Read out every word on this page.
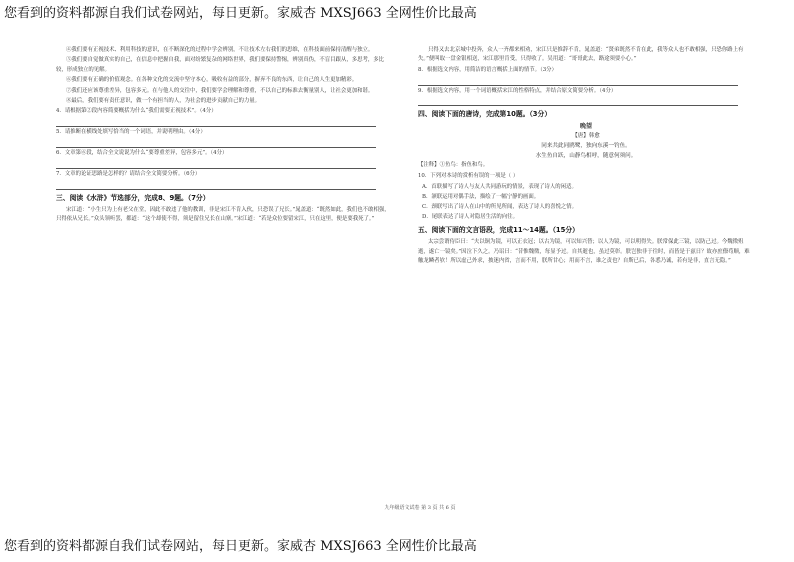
您看到的资料都源自我们试卷网站，每日更新。家威杏 MXSJ663 全网性价比最高

④我们要有正视技术、利用科技的意识，在不断深化的过程中学会辨别，不让技术左右我们的思维，在科技面前保持清醒与独立。

⑤我们要自觉做真实的自己，在信息中把握自我，面对纷繁复杂的网络世界，我们要保持警惕，辨别真伪，不盲目跟从，多思考，多比较，形成独立的见解。

⑥我们要有正确的价值观念。在各种文化的交流中坚守本心，吸收有益的部分，摒弃不良的东西，让自己的人生更加精彩。

⑦我们还应该尊重差异，包容多元。在与他人的交往中，我们要学会理解和尊重，不以自己的标准去衡量别人，让社会更加和谐。

⑧最后，我们要有责任意识，做一个有担当的人，为社会的进步贡献自己的力量。

4．请根据第②段内容简要概括为什么“我们需要正视技术”。（4分）

5．请推断在横线处填写恰当的一个词语，并说明理由。（4分）

6．文章第⑥段，结合全文说说为什么“要尊重差异，包容多元”。（4分）

7．文章的论证思路是怎样的？请结合全文简要分析。（6分）

三、阅读《水浒》节选部分，完成8、9题。（7分）

宋江道：“小生只为上有老父在堂，因此不敢违了他的教训，非是宋江不肯入伙，只恐误了兄长。”晁盖道：“既然如此，我们也不敢相强，只得依从兄长。”众头领听罢，都道：“这个却使不得，须是留住兄长在山寨。”宋江道：“若是众位要留宋江，只在这里，便是要我死了。”

只得又去北京城中投奔，众人一齐都来相劝，宋江只是推辞不肯，晁盖道：“贤弟既然不肯在此，我等众人也不敢相强，只恐你路上有失。”便叫取一盘金银相送，宋江那里肯受，只得收了。吴用道：“哥哥此去，路途须要小心。”

8．根据选文内容，用简洁的语言概括上面的情节。（3分）

9．根据选文内容，用一个词语概括宋江的性格特点，并结合原文简要分析。（4分）

四、阅读下面的唐诗，完成第10题。（3分）

晚望

【唐】韩愈

同来共此同鸥鹭，独向东溪一钓鱼。

水生鱼自跃，山静鸟相呼，随意何须问。

【注释】①鱼鸟：指鱼和鸟。

10．下列对本诗的赏析有误的一项是（ ）

A．首联描写了诗人与友人共同游玩的情景，表现了诗人的闲适。

B．颔联运用对偶手法，描绘了一幅宁静的画面。

C．颈联写出了诗人在山中的所见所闻，表达了诗人的喜悦之情。

D．尾联表达了诗人对隐居生活的向往。

五、阅读下面的文言语段，完成11～14题。（15分）

太宗尝谓侍臣曰：“夫以铜为镜，可以正衣冠；以古为镜，可以知兴替；以人为镜，可以明得失。朕常保此三镜，以防己过。今魏徵殂逝，遂亡一镜矣。”因泣下久之。乃诏曰：“昔惟魏徵，每显予过。自其逝也，虽过莫彰。朕岂独非于往时，而皆是于兹日？故亦庶僚苟顺，难触龙鳞者欤！所以虚己外求，披迷内省，言而不用，朕所甘心；用而不言，谁之责也？自斯已后，各悉乃诚，若有是非，直言无隐。”

九年级语文试卷 第 3 页 共 6 页
您看到的资料都源自我们试卷网站，每日更新。家威杏 MXSJ663 全网性价比最高
